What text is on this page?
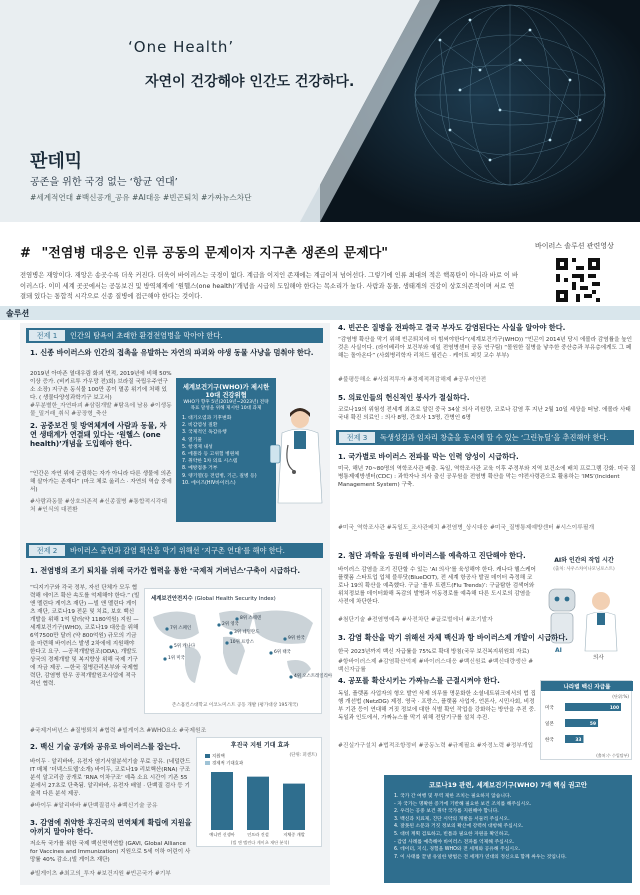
‘One Health’
자연이 건강해야 인간도 건강하다.
판데믹
공존을 위한 국경 없는 ‘항균 연대’
#세계적연대 #백신공개_공유 #AI대응 #빈곤퇴치 #가짜뉴스차단
# "전염병 대응은 인류 공동의 문제이자 지구촌 생존의 문제다"	바이러스 솔루션 관련영상
전염병은 재앙이다. 재앙은 송곳수록 더욱 커진다. 더욱이 바이러스는 국경이 없다. 계급을 이지인 존재에는 계급이저 넘어선다. 그렇기에 인류 최대의 적은 핵폭탄이 아니라 바로 이 바이러스다. 이미 세계 곳곳에서는 공동보건 및 방역체계에 ‘원헬스(one health)’개념을 시급히 도입해야 한다는 목소리가 높다. 사람과 동물, 생태계의 건강이 상호의존적이며 서로 연결돼 있다는 통합적 시각으로 신종 질병에 접근해야 한다는 것이다.
솔루션
전제 1	인간의 탐욕이 초래한 환경전염병을 막아야 한다.
1. 신종 바이러스와 인간의 접촉을 유발하는 자연의 파괴와 야생 동물 사냥을 멈춰야 한다.
2019년 아마존 열대우림 화괴 면적, 2019년에 비해 50% 이상 증가. (비키르투 가우망 전)회) 브라질 국립우주연구소 소장) 지구촌 동식물 100만 종이 멸종 위기에 처해 있다. ( 생물다양성과학기구 보고서)
#무분별한_자연파괴 #삼림개발 #탐욕에 남용 #이생동물_밀거래_취식 #공장형_축산
2. 공중보건 및 방역체계에 사람과 동물, 자연 생태계가 연결돼 있다는 ‘원헬스 (one health)’개념을 도입해야 한다.
“인간은 자연 위에 군림하는 자가 아니라 다른 생물에 의존해 살아가는 존재다” (마크 체로 옮리스 · 자연의 역습 중에서)
#사람과동물 #상호의존적 #신종질병 #통합적시각대처 #인식의 대전환
세계보건기구(WHO)가 제시한 10대 건강위협
WHO가 향후 5년(2019년~2023년) 전략 목표 달성을 위해 제시한 10대 과제
1. 대기오염과 기후변화
2. 비감염성 질환
3. 국제적인 독감유행
4. 열기물
5. 항생제 내성
6. 에볼라 등 고위험 병원체
7. 취약한 1차 의료 시스템
8. 예방접종 거부
9. 뎅기열(등 전염병, 기근, 질병 등)
10. 에이즈(HIV바이러스)
전제 2	바이러스 출현과 감염 확산을 막기 위해선 ‘지구촌 연대’를 해야 한다.
1. 전염병의 조기 퇴치를 위해 국가간 협력을 통한 ‘국제적 거버넌스’구축이 시급하다.
“디지기구와 각국 정부, 자선 단체가 모두 협력해 에이즈 확산 속도를 억제해야 한다.” (빌 앤 멜린다 게이츠 재단) —빌 앤 멜린다 게이츠 재단, 코로나19 전문 및 치료, 보호 백신 개발을 위해 1억 달러(약 1180억원) 지원 —세계보건기구(WHO), 코로나19 대응을 위해 6억7500만 달러 (약 800억원) 규모의 기금을 마련해 바이러스 발생 2차에에 지원해야 한다고 요구. —공적개발원조(ODA), 개발도상국의 경제개발 및 복지향상 위해 국제 기구에 자금 제공. —한국 질병관리본부와 국제협력단, 감염병 한우 공적개발원조사업에 적극적인 협력.
#국제거버넌스 #질병퇴치 #협력 #빌게이츠 #WHO요소 #국제원조
세계보건안전지수 (Global Health Security Index)
7위 스페인
2위 영국
3위 네덜란드
4위 오스트레일리아
5위 캐나다
6위 태국
8위 스웨덴
9위 한국
10위 프랑스
1위 미국
존스홉킨스대학교 이코노미스트 공동 개발 (평가대상 195개국)
2. 백신 기술 공개와 공유로 바이러스를 잡는다.
바이두 · 알리바바, 유전자 염기서열분석기술 무료 공유. (네덜란드 IT 매체 ‘더넥스트웹’소개) 바이두, 코로나19 리보핵산(RNA) 구조 분석 알고리즘 공개로 ‘RNA 이차구조’ 예측 소요 시간이 기존 55분에서 27초로 단축됨. 알리바바, 유전자 배열 · 단백질 검사 등 기술적 다른 분석 제공.
#바이두 #알리바바 #단백질검사 #백신기술 공유
3. 감염에 취약한 후진국의 면역체계 확립에 지원을 아끼지 말아야 한다.
저소득 국가를 위한 국제 백신면역연합 (GAVI, Global Alliance for Vaccines and Immunization) 지원으로 5세 이하 어린이 사망률 40% 감소.(빌 게이츠 재단)
#빌게이츠 #최고의_투자 #보건지원 #빈곤국가 #기부
후진국 지원 기대 효과
(단위: 퍼센트)
지원액
경제적 기대효과
예니빈 신생아	인프라 건설	저체중 개발
(빌 앤 멜린다 게이츠 재단 분석)
4. 빈곤은 질병을 전파하고 결국 부자도 감염된다는 사실을 알아야 한다.
“감염병 확산을 막기 위해 빈곤퇴치에 더 힘써야한다”(세계보건기구(WHO)) “빈곤이 2014년 당시 에볼라 감염률을 높인 것은 사실이다. (라이베리아 보건부와 예일 전염병센터 공동 연구팀) “몰원한 질병을 낳추한 중산층과 부유층에게도 그 페해는 돌아온다” (사회병리학자 리처드 윌킨슨 · 케이트 피킷 교수 부부)
#불평등해소 #사회적투자 #경제적격감해제 #공무이안전
5. 의료인들의 헌신적인 봉사가 절실하다.
코로나19의 위험성 전세계 최초로 알린 중국 34살 의사 리원량, 코로나 감염 후 지난 2월 10일 세상을 떠남. 에볼라 사태 국내 확진 의료인 : 의사 8명, 간호사 13명, 간병인 6명
전제 3	독생성검과 임자리 창출을 동시에 할 수 있는 ‘그린뉴딜’을 추진해야 한다.
1. 국가별로 바이러스 전파를 막는 인력 양성이 시급하다.
미국, 해년 70~80명의 역학조사관 배출. 독일, 역학조사관 교육 이후 주정부와 지역 보건소에 배치 프로그램 강화. 미국 질병통제예방센터(CDC) : 과학자나 의사 출신 공무원을 전염병 확산을 막는 야전사령관으로 활용하는 ‘IMS’(Incident Management System) 구축.
#미국_역학조사관 #독일도_조사관배치 #전염병_상시대응 #미국_질병통제예방센터 #시스이루필개
2. 첨단 과학을 동원해 바이러스를 예측하고 진단해야 한다.
바이러스 감염을 조기 진단할 수 있는 ‘AI 의사’를 육성해야 한다. 캐나다 헬스케어 플랫폼 스타트업 업체 블루닷(BlueDOT), 전 세계 항공사 발권 데이터 측정해 코로나 19의 확산을 예측했다. 구글 ‘플루 트렌드(Flu Trends)’: 구글탐한 검색어와 위치정보를 데이터화해 독감의 발병과 이동경로를 예측해 다른 도시로의 감염을 사전에 차단한다.
#첨단기술 #전염병예측 #사전차단 #글로벌에너 #조기발자
AI와 인간의 작업 시간
(출처: 사우스차이나모닝포스트)
AI
의사
3. 감염 확산을 막기 위해선 자체 백신과 항 바이러스제 개발이 시급하다.
한국 2023년까지 백신 자급률을 75%로 확대 방침(국무 보건복지위원회 자료)
#항바이러스제 #감염확산억제 #바이러스대응 #백신원료 #백신대량생산 #백신자급률
4. 공포를 확산시키는 가짜뉴스를 근절시켜야 한다.
독일, 플랫폼 사업자의 형오 발언 삭제 의무를 명문화한 소셜네트워크에서의 법 집행 개선법 (NetzDG) 제정. 영국 · 프랑스, 플랫폼 사업자, 언론사, 시민사회, 비정부 기관 등이 연대해 거짓 정보에 대한 식별 확인 작업을 강화하는 방안을 추진 중. 독일과 인도에서, 가짜뉴스를 막기 위해 전담기구를 설치 추진.
#진실가구설치 #법적조항정비 #공동노력 #규제필요 #자정노력 #정부개입
나라별 백신 자급률
(단위:%)
미국	100
일본	59
한국	33
(출처:수 수입탈부)
코로나19 관련, 세계보건기구(WHO) 7대 핵심 권고안
1. 국가 간 여행 및 무역 제한 조치는 필요하지 않습니다.
- 자 국가는 명확한 증거에 기반해 필요한 보건 조치를 해주십시오.
2. 우리는 공중 보건 취약 국가를 지원해야 합니다.
3. 백신과 치료제, 진단 시약의 개발을 서둘러 주십시오.
4. 잘못된 소문과 거짓 정보의 확산에 강력히 대항해 주십시오.
5. 대비 계획 검토하고, 빈틈과 필요한 자원을 확인하고,
- 감염 사례를 예측해야 바이러스 전파를 억제해 주십시오.
6. 데이터, 지식, 경험을 WHO와 전 세계와 공유해 주십시오.
7. 이 사태를 끝낼 유일한 방법은 전 세계가 연대의 정신으로 함께 싸우는 것입니다.
